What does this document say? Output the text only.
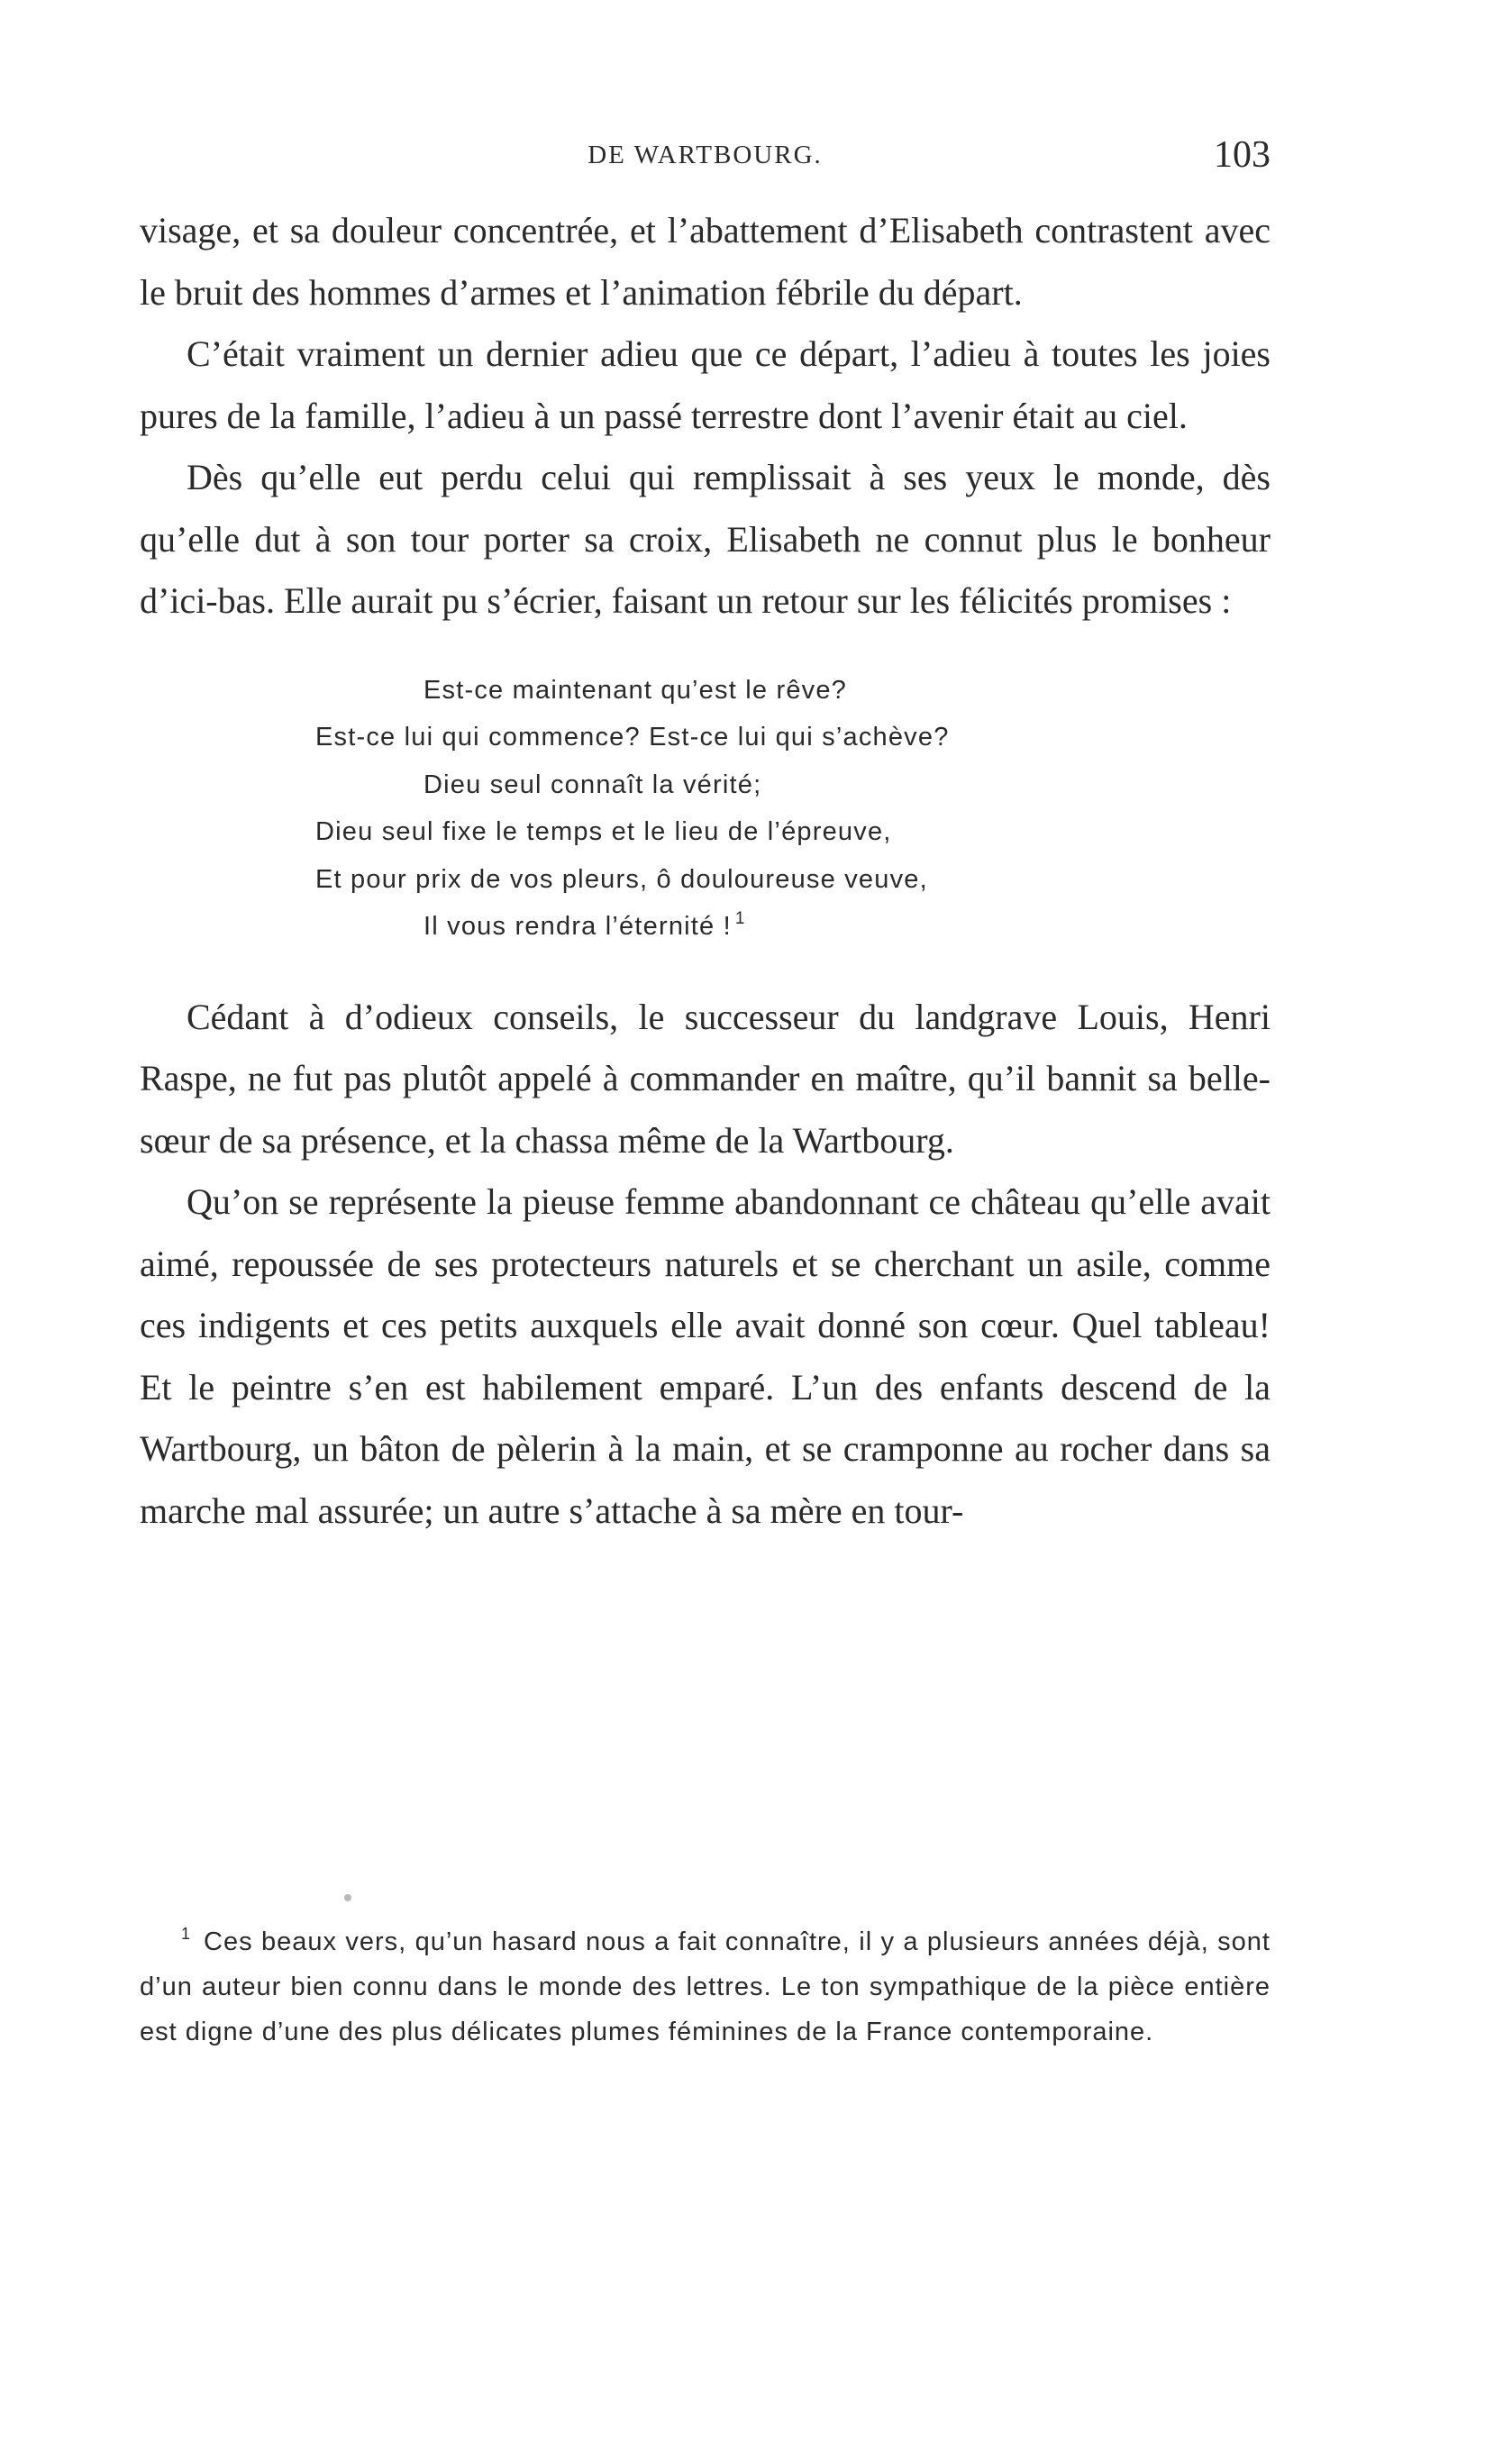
DE WARTBOURG.	103

visage, et sa douleur concentrée, et l’abattement d’Elisabeth contrastent avec le bruit des hommes d’armes et l’animation fébrile du départ.

C’était vraiment un dernier adieu que ce départ, l’adieu à toutes les joies pures de la famille, l’adieu à un passé terrestre dont l’avenir était au ciel.

Dès qu’elle eut perdu celui qui remplissait à ses yeux le monde, dès qu’elle dut à son tour porter sa croix, Elisabeth ne connut plus le bonheur d’ici-bas. Elle aurait pu s’écrier, faisant un retour sur les félicités promises :

Est-ce maintenant qu’est le rêve?
Est-ce lui qui commence? Est-ce lui qui s’achève?
Dieu seul connaît la vérité;
Dieu seul fixe le temps et le lieu de l’épreuve,
Et pour prix de vos pleurs, ô douloureuse veuve,
Il vous rendra l’éternité ! $^1$

Cédant à d’odieux conseils, le successeur du landgrave Louis, Henri Raspe, ne fut pas plutôt appelé à commander en maître, qu’il bannit sa belle-sœur de sa présence, et la chassa même de la Wartbourg.

Qu’on se représente la pieuse femme abandonnant ce château qu’elle avait aimé, repoussée de ses protecteurs naturels et se cherchant un asile, comme ces indigents et ces petits auxquels elle avait donné son cœur. Quel tableau! Et le peintre s’en est habilement emparé. L’un des enfants descend de la Wartbourg, un bâton de pèlerin à la main, et se cramponne au rocher dans sa marche mal assurée; un autre s’attache à sa mère en tour-

$^1$ Ces beaux vers, qu’un hasard nous a fait connaître, il y a plusieurs années déjà, sont d’un auteur bien connu dans le monde des lettres. Le ton sympathique de la pièce entière est digne d’une des plus délicates plumes féminines de la France contemporaine.
